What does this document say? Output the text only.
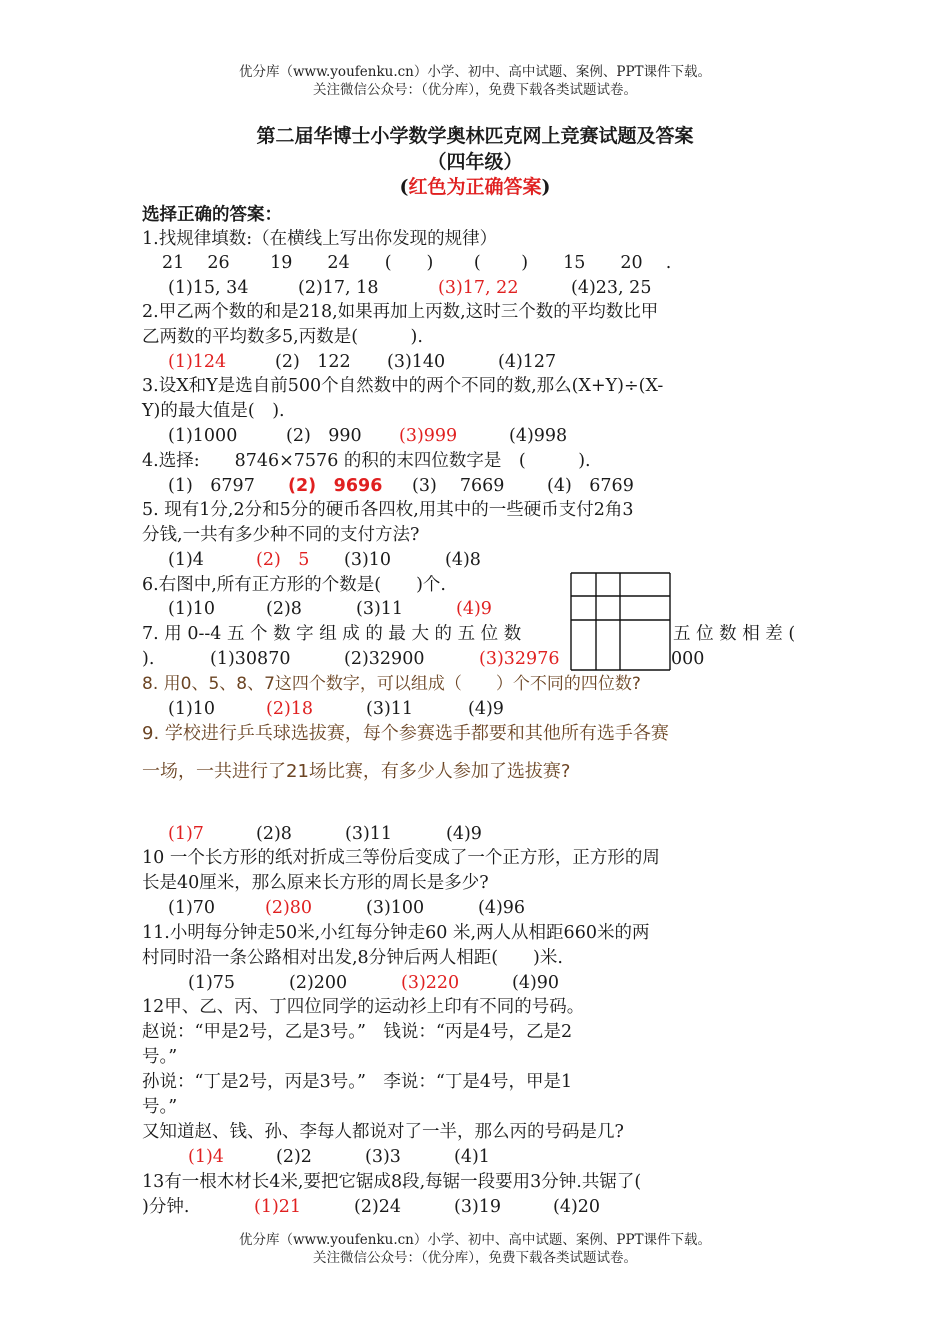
优分库（www.youfenku.cn）小学、初中、高中试题、案例、PPT课件下载。
关注微信公众号：（优分库），免费下载各类试题试卷。
第二届华博士小学数学奥林匹克网上竞赛试题及答案
（四年级）
(红色为正确答案)
选择正确的答案：
1.找规律填数:（在横线上写出你发现的规律）
21　 26　　 19　　24　　(　　)　　 (　　 )　　15　　20　 .
(1)15, 34	(2)17, 18	(3)17, 22	(4)23, 25
2.甲乙两个数的和是218,如果再加上丙数,这时三个数的平均数比甲
乙两数的平均数多5,丙数是(　　　).
(1)124	(2)　122 (3)140	(4)127
3.设X和Y是选自前500个自然数中的两个不同的数,那么(X+Y)÷(X-
Y)的最大值是(　).
(1)1000	(2)　990 (3)999	(4)998
4.选择:　　8746×7576 的积的末四位数字是　(　　　).
(1)　6797 (2)　9696 (3)　 7669 (4)　6769
5. 现有1分,2分和5分的硬币各四枚,用其中的一些硬币支付2角3
分钱,一共有多少种不同的支付方法?
(1)4	(2)　5 (3)10	(4)8
6.右图中,所有正方形的个数是(　　)个.
(1)10	(2)8	(3)11	(4)9
7. 用 0--4 五 个 数 字 组 成 的 最 大 的 五 位 数	五 位 数 相 差 (
).	(1)30870	(2)32900	(3)32976	000
8. 用0、5、8、7这四个数字，可以组成（　　）个不同的四位数?
(1)10	(2)18	(3)11	(4)9
9. 学校进行乒乓球选拔赛，每个参赛选手都要和其他所有选手各赛
一场，一共进行了21场比赛，有多少人参加了选拔赛?
(1)7	(2)8	(3)11	(4)9
10 一个长方形的纸对折成三等份后变成了一个正方形，正方形的周
长是40厘米，那么原来长方形的周长是多少?
(1)70	(2)80	(3)100	(4)96
11.小明每分钟走50米,小红每分钟走60 米,两人从相距660米的两
村同时沿一条公路相对出发,8分钟后两人相距(　　)米.
(1)75	(2)200	(3)220	(4)90
12甲、乙、丙、丁四位同学的运动衫上印有不同的号码。
赵说：“甲是2号，乙是3号。”　钱说：“丙是4号，乙是2
号。”
孙说：“丁是2号，丙是3号。”　李说：“丁是4号，甲是1
号。”
又知道赵、钱、孙、李每人都说对了一半，那么丙的号码是几?
(1)4	(2)2	(3)3	(4)1
13有一根木材长4米,要把它锯成8段,每锯一段要用3分钟.共锯了(
)分钟.	(1)21	(2)24	(3)19	(4)20
优分库（www.youfenku.cn）小学、初中、高中试题、案例、PPT课件下载。
关注微信公众号：（优分库），免费下载各类试题试卷。
